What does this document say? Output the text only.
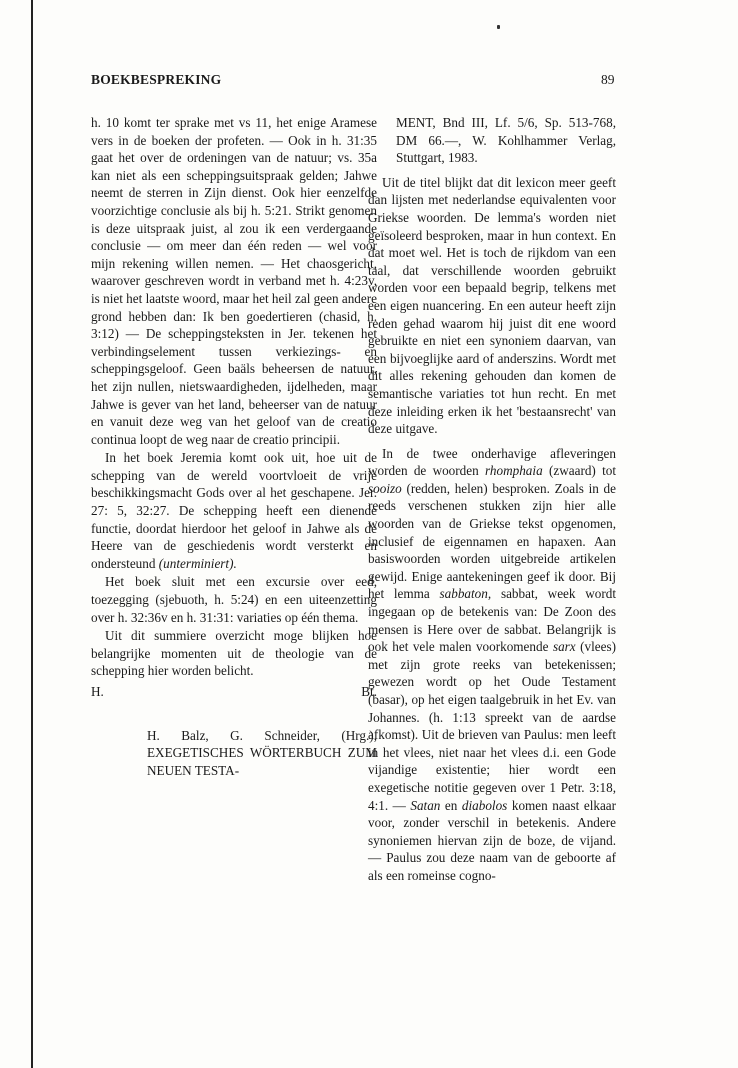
BOEKBESPREKING	89

h. 10 komt ter sprake met vs 11, het enige Aramese vers in de boeken der profeten. — Ook in h. 31:35 gaat het over de ordeningen van de natuur; vs. 35a kan niet als een scheppingsuitspraak gelden; Jahwe neemt de sterren in Zijn dienst. Ook hier eenzelfde voorzichtige conclusie als bij h. 5:21. Strikt genomen is deze uitspraak juist, al zou ik een verdergaande conclusie — om meer dan één reden — wel voor mijn rekening willen nemen. — Het chaosgericht, waarover geschreven wordt in verband met h. 4:23v, is niet het laatste woord, maar het heil zal geen andere grond hebben dan: Ik ben goedertieren (chasid, h. 3:12) — De scheppingsteksten in Jer. tekenen het verbindingselement tussen verkiezings- en scheppingsgeloof. Geen baäls beheersen de natuur, het zijn nullen, nietswaardigheden, ijdelheden, maar Jahwe is gever van het land, beheerser van de natuur en vanuit deze weg van het geloof van de creatio continua loopt de weg naar de creatio principii.

In het boek Jeremia komt ook uit, hoe uit de schepping van de wereld voortvloeit de vrije beschikkingsmacht Gods over al het geschapene. Jer. 27: 5, 32:27. De schepping heeft een dienende functie, doordat hierdoor het geloof in Jahwe als de Heere van de geschiedenis wordt versterkt en ondersteund (unterminiert).

Het boek sluit met een excursie over eed, toezegging (sjebuoth, h. 5:24) en een uiteenzetting over h. 32:36v en h. 31:31: variaties op één thema.

Uit dit summiere overzicht moge blijken hoe belangrijke momenten uit de theologie van de schepping hier worden belicht.

H.	Bt.
H. Balz, G. Schneider, (Hrg.), EXEGETISCHES WÖRTERBUCH ZUM NEUEN TESTA-
MENT, Bnd III, Lf. 5/6, Sp. 513-768, DM 66.—, W. Kohlhammer Verlag, Stuttgart, 1983.

Uit de titel blijkt dat dit lexicon meer geeft dan lijsten met nederlandse equivalenten voor Griekse woorden. De lemma's worden niet geïsoleerd besproken, maar in hun context. En dat moet wel. Het is toch de rijkdom van een taal, dat verschillende woorden gebruikt worden voor een bepaald begrip, telkens met een eigen nuancering. En een auteur heeft zijn reden gehad waarom hij juist dit ene woord gebruikte en niet een synoniem daarvan, van een bijvoeglijke aard of anderszins. Wordt met dit alles rekening gehouden dan komen de semantische variaties tot hun recht. En met deze inleiding erken ik het 'bestaansrecht' van deze uitgave.

In de twee onderhavige afleveringen worden de woorden rhomphaia (zwaard) tot sooizo (redden, helen) besproken. Zoals in de reeds verschenen stukken zijn hier alle woorden van de Griekse tekst opgenomen, inclusief de eigennamen en hapaxen. Aan basiswoorden worden uitgebreide artikelen gewijd. Enige aantekeningen geef ik door. Bij het lemma sabbaton, sabbat, week wordt ingegaan op de betekenis van: De Zoon des mensen is Here over de sabbat. Belangrijk is ook het vele malen voorkomende sarx (vlees) met zijn grote reeks van betekenissen; gewezen wordt op het Oude Testament (basar), op het eigen taalgebruik in het Ev. van Johannes. (h. 1:13 spreekt van de aardse afkomst). Uit de brieven van Paulus: men leeft in het vlees, niet naar het vlees d.i. een Gode vijandige existentie; hier wordt een exegetische notitie gegeven over 1 Petr. 3:18, 4:1. — Satan en diabolos komen naast elkaar voor, zonder verschil in betekenis. Andere synoniemen hiervan zijn de boze, de vijand. — Paulus zou deze naam van de geboorte af als een romeinse cogno-
